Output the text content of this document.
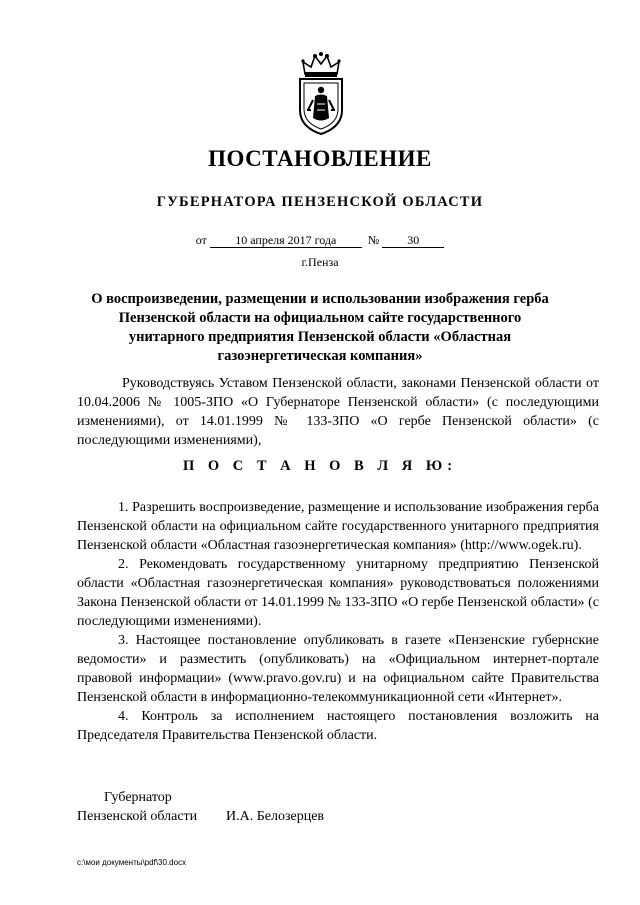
ПОСТАНОВЛЕНИЕ
ГУБЕРНАТОРА ПЕНЗЕНСКОЙ ОБЛАСТИ
от 10 апреля 2017 года	№ 30
г.Пенза
О воспроизведении, размещении и использовании изображения герба Пензенской области на официальном сайте государственного унитарного предприятия Пензенской области «Областная газоэнергетическая компания»
Руководствуясь Уставом Пензенской области, законами Пензенской области от 10.04.2006 № 1005-ЗПО «О Губернаторе Пензенской области» (с последующими изменениями), от 14.01.1999 № 133-ЗПО «О гербе Пензенской области» (с последующими изменениями),
П О С Т А Н О В Л Я Ю:

1. Разрешить воспроизведение, размещение и использование изображения герба Пензенской области на официальном сайте государственного унитарного предприятия Пензенской области «Областная газоэнергетическая компания» (http://www.ogek.ru).

2. Рекомендовать государственному унитарному предприятию Пензенской области «Областная газоэнергетическая компания» руководствоваться положениями Закона Пензенской области от 14.01.1999 № 133-ЗПО «О гербе Пензенской области» (с последующими изменениями).

3. Настоящее постановление опубликовать в газете «Пензенские губернские ведомости» и разместить (опубликовать) на «Официальном интернет-портале правовой информации» (www.pravo.gov.ru) и на официальном сайте Правительства Пензенской области в информационно-телекоммуникационной сети «Интернет».

4. Контроль за исполнением настоящего постановления возложить на Председателя Правительства Пензенской области.

Губернатор
Пензенской области И.А. Белозерцев
c:\мои документы\pdf\30.docx
